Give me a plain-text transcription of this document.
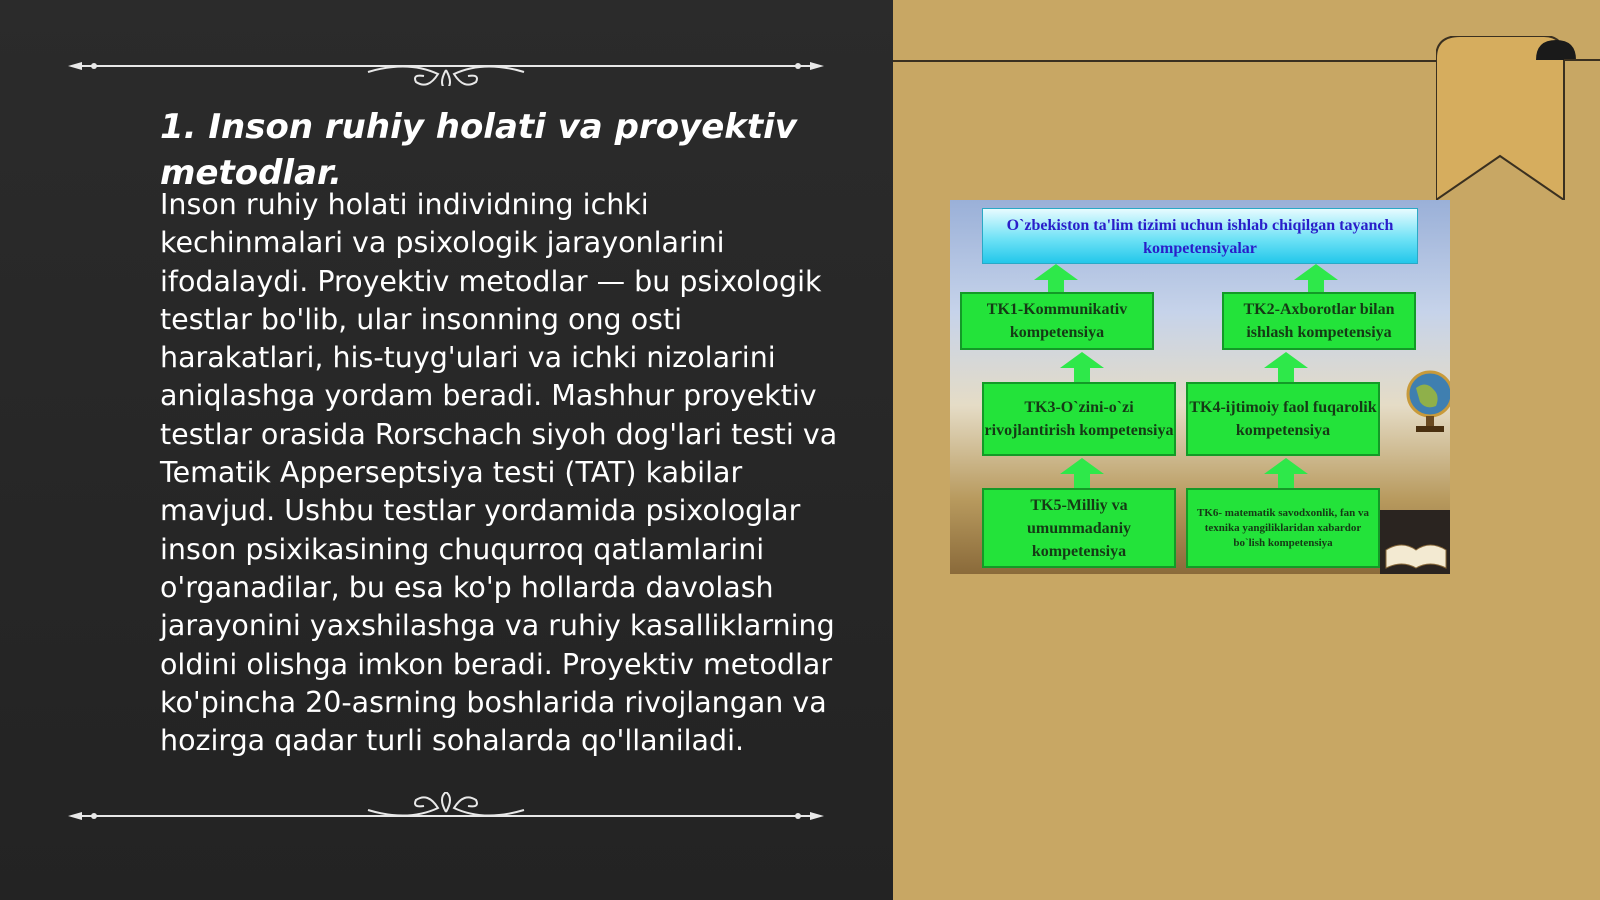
1. Inson ruhiy holati va proyektiv metodlar.

Inson ruhiy holati individning ichki kechinmalari va psixologik jarayonlarini ifodalaydi. Proyektiv metodlar — bu psixologik testlar bo'lib, ular insonning ong osti harakatlari, his-tuyg'ulari va ichki nizolarini aniqlashga yordam beradi. Mashhur proyektiv testlar orasida Rorschach siyoh dog'lari testi va Tematik Apperseptsiya testi (TAT) kabilar mavjud. Ushbu testlar yordamida psixologlar inson psixikasining chuqurroq qatlamlarini o'rganadilar, bu esa ko'p hollarda davolash jarayonini yaxshilashga va ruhiy kasalliklarning oldini olishga imkon beradi. Proyektiv metodlar ko'pincha 20-asrning boshlarida rivojlangan va hozirga qadar turli sohalarda qo'llaniladi.

O`zbekiston ta'lim tizimi uchun ishlab chiqilgan tayanch kompetensiyalar
TK1-Kommunikativ kompetensiya
TK2-Axborotlar bilan ishlash kompetensiya
TK3-O`zini-o`zi rivojlantirish kompetensiya
TK4-ijtimoiy faol fuqarolik kompetensiya
TK5-Milliy va umummadaniy kompetensiya
TK6- matematik savodxonlik, fan va texnika yangiliklaridan xabardor bo`lish kompetensiya
